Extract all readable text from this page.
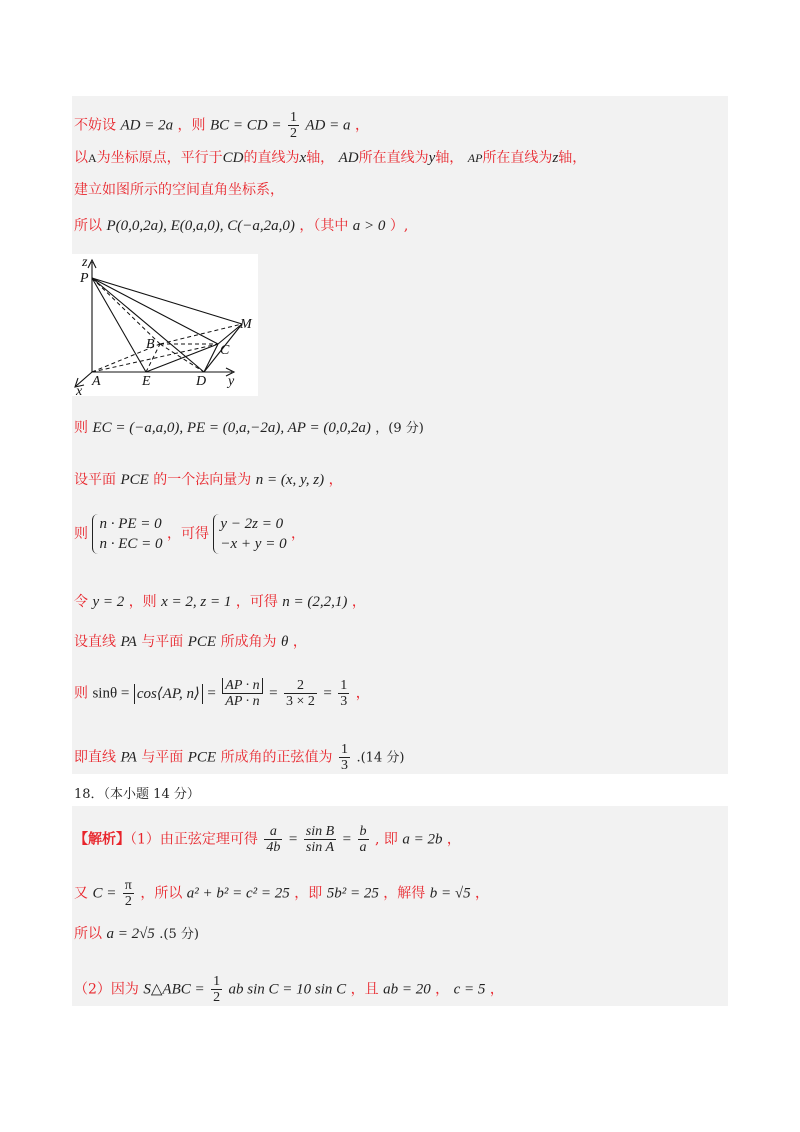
不妨设 AD = 2a ，则 BC = CD = $\frac{1}{2}$ AD = a ，
以A为坐标原点，平行于CD的直线为x轴， AD所在直线为y轴， AP所在直线为z轴，
建立如图所示的空间直角坐标系，
所以 P(0,0,2a), E(0,a,0), C(−a,2a,0) ，（其中 a > 0 ）,
z
P
M
B	C
A	E	D y
x
则 EC = (−a,a,0), PE = (0,a,−2a), AP = (0,0,2a) ，(9 分)
设平面 PCE 的一个法向量为 n = (x, y, z) ，
则
n · PE = 0
n · EC = 0
，可得
y − 2z = 0
−x + y = 0
，
令 y = 2 ，则 x = 2, z = 1 ，可得 n = (2,2,1) ，
设直线 PA 与平面 PCE 所成角为 θ ，
则 sinθ = cos⟨AP, n⟩ = $\frac{AP \cdot n}{AP \cdot n} = \frac{2}{3 \times 2} = \frac{1}{3}$ ，
即直线 PA 与平面 PCE 所成角的正弦值为 $\frac{1}{3} .(14$ 分)
18．（本小题 14 分）
【解析】（1）由正弦定理可得 $\frac{a}{4b} = \frac{\text{sin B}}{\text{sin A}} = \frac{b}{a}$ , 即 a = 2b ，
又 $C = \frac{\pi}{2}$ ，所以 a² + b² = c² = 25 ，即 5b² = 25 ，解得 b = √5 ，
所以 a = 2√5 .(5 分)
（2）因为 S△ABC = $\frac{1}{2}$ ab sin C = 10 sin C ，且 ab = 20 ， c = 5 ，
